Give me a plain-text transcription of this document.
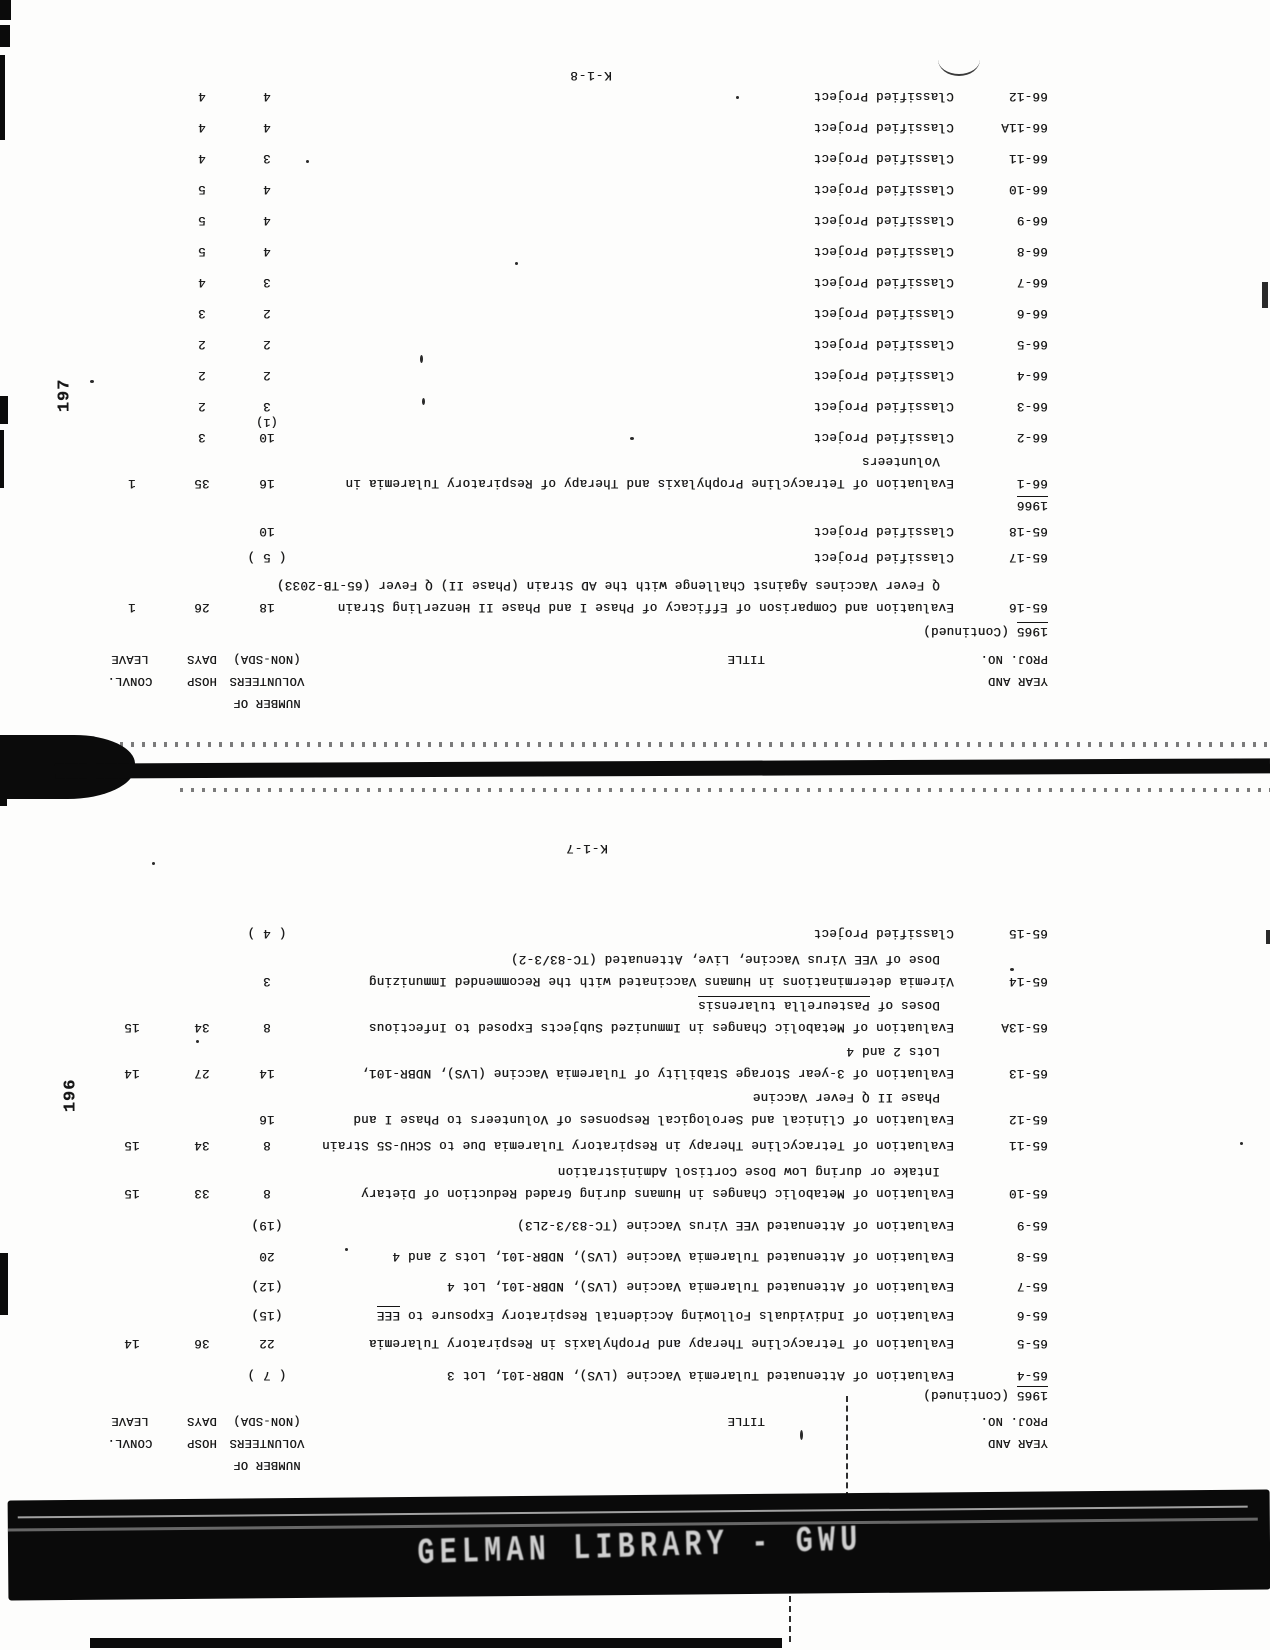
NUMBER OF
YEAR AND
VOLUNTEERS
HOSP
CONVL.
PROJ. NO.
TITLE
(NON-SDA)
DAYS
LEAVE
1965 (Continued)
65-16
Evaluation and Comparison of Efficacy of Phase I and Phase II Henzerling Strain
Q Fever Vaccines Against Challenge with the AD Strain (Phase II) Q Fever (65-TB-2033)
18
26
1
65-17
Classified Project
( 5 )
65-18
Classified Project
10
1966
66-1
Evaluation of Tetracycline Prophylaxis and Therapy of Respiratory Tularemia in
Volunteers
16
35
1
66-2
Classified Project
10
3
66-3
Classified Project
(1)
3
2
66-4
Classified Project
2
2
66-5
Classified Project
2
2
66-6
Classified Project
2
3
66-7
Classified Project
3
4
66-8
Classified Project
4
5
66-9
Classified Project
4
5
66-10
Classified Project
4
5
66-11
Classified Project
3
4
66-11A
Classified Project
4
4
66-12
Classified Project
4
4
K-1-8
197
NUMBER OF
YEAR AND
VOLUNTEERS
HOSP
CONVL.
PROJ. NO.
TITLE
(NON-SDA)
DAYS
LEAVE
1965 (Continued)
65-4
Evaluation of Attenuated Tularemia Vaccine (LVS), NDBR-101, Lot 3
( 7 )
65-5
Evaluation of Tetracycline Therapy and Prophylaxis in Respiratory Tularemia
22
36
14
65-6
Evaluation of Individuals Following Accidental Respiratory Exposure to EEE
(15)
65-7
Evaluation of Attenuated Tularemia Vaccine (LVS), NDBR-101, Lot 4
(12)
65-8
Evaluation of Attenuated Tularemia Vaccine (LVS), NDBR-101, Lots 2 and 4
20
65-9
Evaluation of Attenuated VEE Virus Vaccine (TC-83/3-2L3)
(19)
65-10
Evaluation of Metabolic Changes in Humans during Graded Reduction of Dietary
Intake or during Low Dose Cortisol Administration
8
33
15
65-11
Evaluation of Tetracycline Therapy in Respiratory Tularemia Due to SCHU-S5 Strain
8
34
15
65-12
Evaluation of Clinical and Serological Responses of Volunteers to Phase I and
Phase II Q Fever Vaccine
16
65-13
Evaluation of 3-year Storage Stability of Tularemia Vaccine (LVS), NDBR-101,
Lots 2 and 4
14
27
14
65-13A
Evaluation of Metabolic Changes in Immunized Subjects Exposed to Infectious
Doses of Pasteurella tularensis
8
34
15
65-14
Viremia determinations in Humans Vaccinated with the Recommended Immunizing
Dose of VEE Virus Vaccine, Live, Attenuated (TC-83/3-2)
3
65-15
Classified Project
( 4 )
K-1-7
196
GELMAN LIBRARY - GWU
